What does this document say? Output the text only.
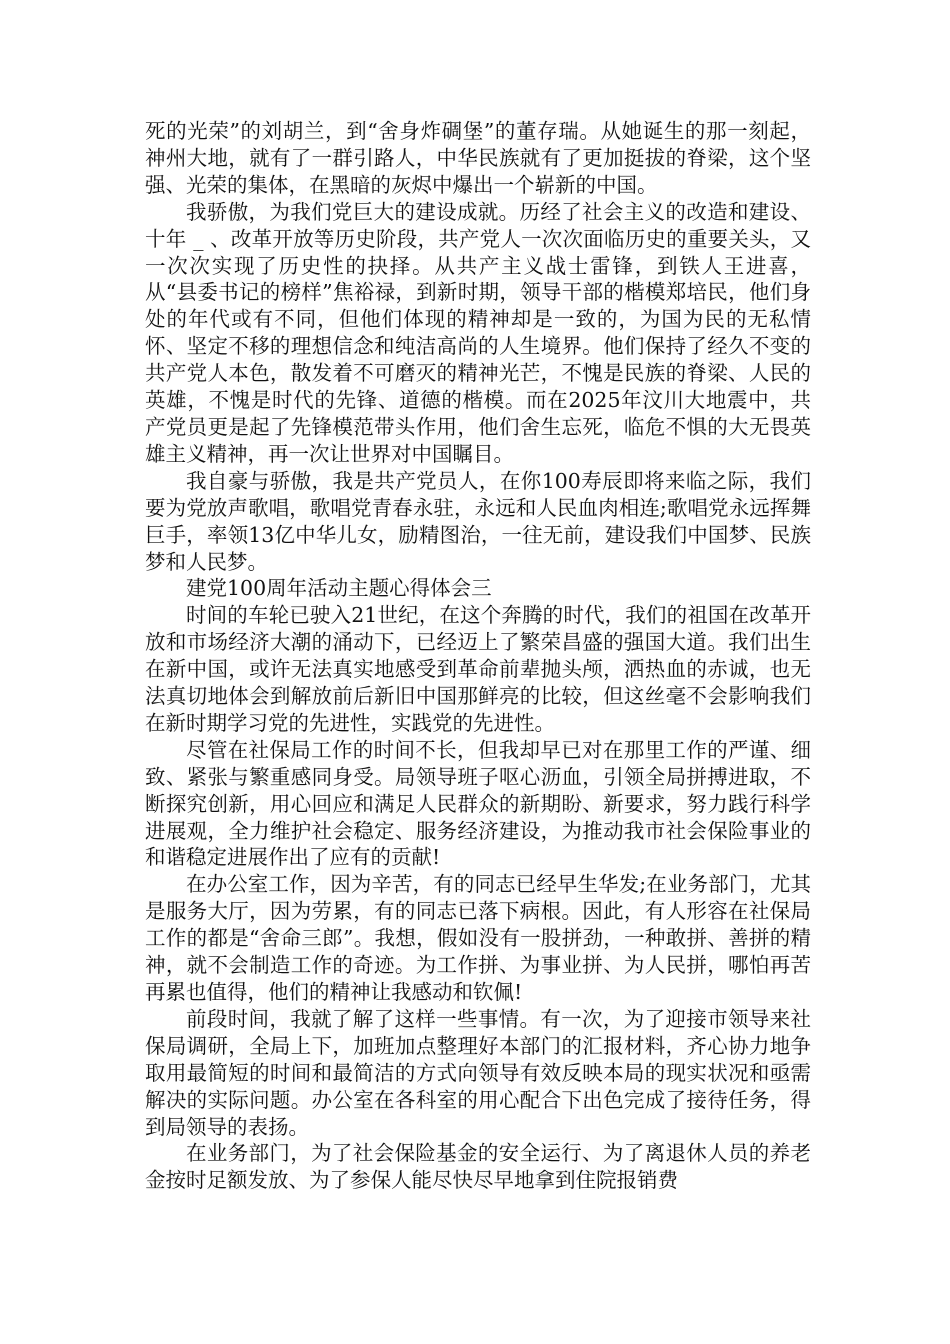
死的光荣”的刘胡兰，到“舍身炸碉堡”的董存瑞。从她诞生的那一刻起，神州大地，就有了一群引路人，中华民族就有了更加挺拔的脊梁，这个坚强、光荣的集体，在黑暗的灰烬中爆出一个崭新的中国。

我骄傲，为我们党巨大的建设成就。历经了社会主义的改造和建设、十年 _ 、改革开放等历史阶段，共产党人一次次面临历史的重要关头，又一次次实现了历史性的抉择。从共产主义战士雷锋，到铁人王进喜，从“县委书记的榜样”焦裕禄，到新时期，领导干部的楷模郑培民，他们身处的年代或有不同，但他们体现的精神却是一致的，为国为民的无私情怀、坚定不移的理想信念和纯洁高尚的人生境界。他们保持了经久不变的共产党人本色，散发着不可磨灭的精神光芒，不愧是民族的脊梁、人民的英雄，不愧是时代的先锋、道德的楷模。而在2025年汶川大地震中，共产党员更是起了先锋模范带头作用，他们舍生忘死，临危不惧的大无畏英雄主义精神，再一次让世界对中国瞩目。

我自豪与骄傲，我是共产党员人，在你100寿辰即将来临之际，我们要为党放声歌唱，歌唱党青春永驻，永远和人民血肉相连;歌唱党永远挥舞巨手，率领13亿中华儿女，励精图治，一往无前，建设我们中国梦、民族梦和人民梦。

建党100周年活动主题心得体会三

时间的车轮已驶入21世纪，在这个奔腾的时代，我们的祖国在改革开放和市场经济大潮的涌动下，已经迈上了繁荣昌盛的强国大道。我们出生在新中国，或许无法真实地感受到革命前辈抛头颅，洒热血的赤诚，也无法真切地体会到解放前后新旧中国那鲜亮的比较，但这丝毫不会影响我们在新时期学习党的先进性，实践党的先进性。

尽管在社保局工作的时间不长，但我却早已对在那里工作的严谨、细致、紧张与繁重感同身受。局领导班子呕心沥血，引领全局拼搏进取，不断探究创新，用心回应和满足人民群众的新期盼、新要求，努力践行科学进展观，全力维护社会稳定、服务经济建设，为推动我市社会保险事业的和谐稳定进展作出了应有的贡献!

在办公室工作，因为辛苦，有的同志已经早生华发;在业务部门，尤其是服务大厅，因为劳累，有的同志已落下病根。因此，有人形容在社保局工作的都是“舍命三郎”。我想，假如没有一股拼劲，一种敢拼、善拼的精神，就不会制造工作的奇迹。为工作拼、为事业拼、为人民拼，哪怕再苦再累也值得，他们的精神让我感动和钦佩!

前段时间，我就了解了这样一些事情。有一次，为了迎接市领导来社保局调研，全局上下，加班加点整理好本部门的汇报材料，齐心协力地争取用最简短的时间和最简洁的方式向领导有效反映本局的现实状况和亟需解决的实际问题。办公室在各科室的用心配合下出色完成了接待任务，得到局领导的表扬。

在业务部门，为了社会保险基金的安全运行、为了离退休人员的养老金按时足额发放、为了参保人能尽快尽早地拿到住院报销费
